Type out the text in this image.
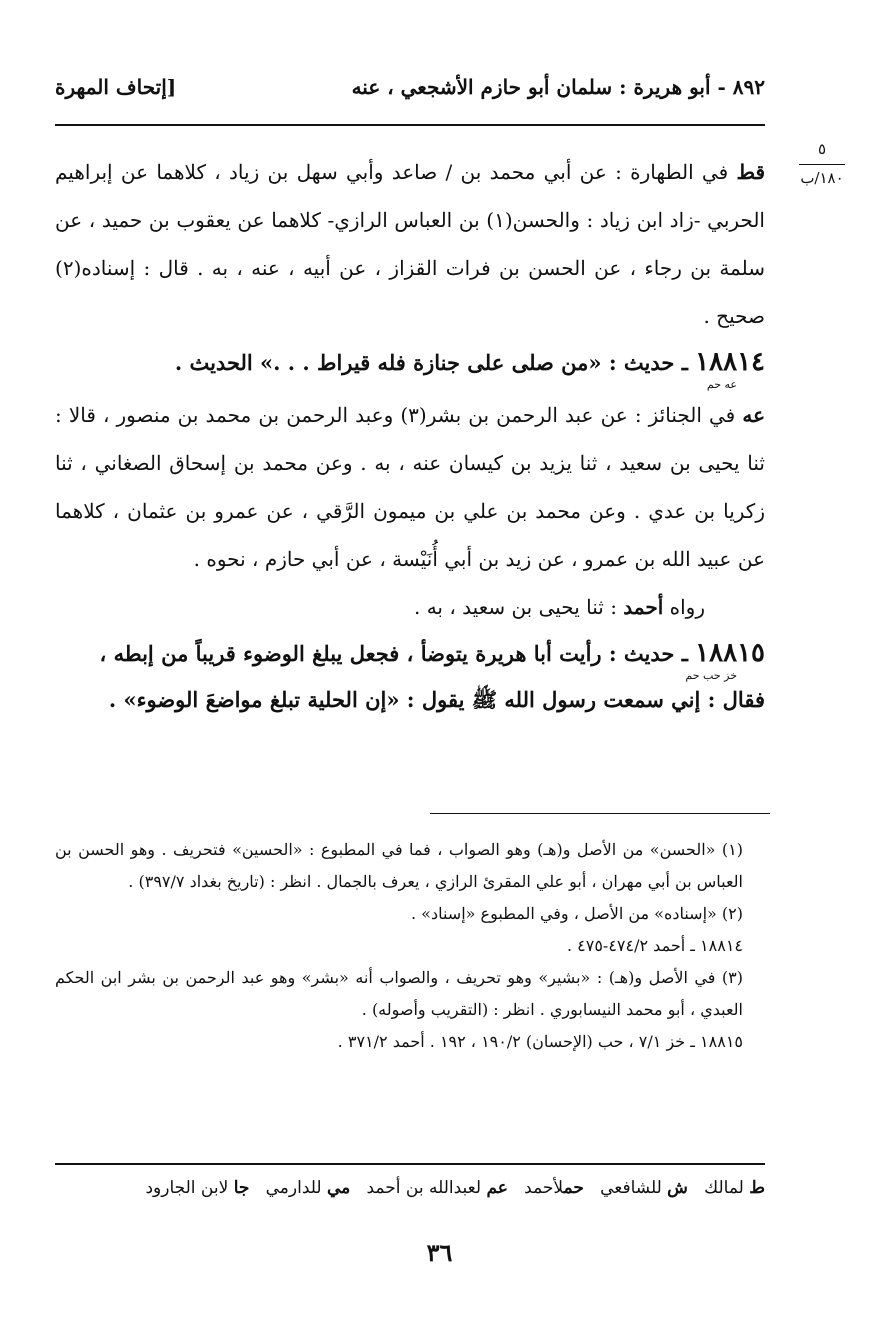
٨٩٢ - أبو هريرة : سلمان أبو حازم الأشجعي ، عنه
[إتحاف المهرة
٥
١٨٠/ب

قط في الطهارة : عن أبي محمد بن / صاعد وأبي سهل بن زياد ، كلاهما عن إبراهيم الحربي -زاد ابن زياد : والحسن(١) بن العباس الرازي- كلاهما عن يعقوب بن حميد ، عن سلمة بن رجاء ، عن الحسن بن فرات القزاز ، عن أبيه ، عنه ، به . قال : إسناده(٢) صحيح .

١٨٨١٤ ـ حديث : «من صلى على جنازة فله قيراط . . .» الحديث .

عه حم

عه في الجنائز : عن عبد الرحمن بن بشر(٣) وعبد الرحمن بن محمد بن منصور ، قالا : ثنا يحيى بن سعيد ، ثنا يزيد بن كيسان عنه ، به . وعن محمد بن إسحاق الصغاني ، ثنا زكريا بن عدي . وعن محمد بن علي بن ميمون الرَّقي ، عن عمرو بن عثمان ، كلاهما عن عبيد الله بن عمرو ، عن زيد بن أبي أُنَيْسة ، عن أبي حازم ، نحوه .

رواه أحمد : ثنا يحيى بن سعيد ، به .

١٨٨١٥ ـ حديث : رأيت أبا هريرة يتوضأ ، فجعل يبلغ الوضوء قريباً من إبطه ،

خز حب حم

فقال : إني سمعت رسول الله ﷺ يقول : «إن الحلية تبلغ مواضعَ الوضوء» .

(١) «الحسن» من الأصل و(هـ) وهو الصواب ، فما في المطبوع : «الحسين» فتحريف . وهو الحسن بن العباس بن أبي مهران ، أبو علي المقرئ الرازي ، يعرف بالجمال . انظر : (تاريخ بغداد ٣٩٧/٧) .

(٢) «إسناده» من الأصل ، وفي المطبوع «إسناد» .

١٨٨١٤ ـ أحمد ٤٧٤/٢-٤٧٥ .

(٣) في الأصل و(هـ) : «بشير» وهو تحريف ، والصواب أنه «بشر» وهو عبد الرحمن بن بشر ابن الحكم العبدي ، أبو محمد النيسابوري . انظر : (التقريب وأصوله) .

١٨٨١٥ ـ خز ٧/١ ، حب (الإحسان) ١٩٠/٢ ، ١٩٢ . أحمد ٣٧١/٢ .

ط لمالك   ش للشافعي   حملأحمد   عم لعبدالله بن أحمد   مي للدارمي   جا لابن الجارود
٣٦
